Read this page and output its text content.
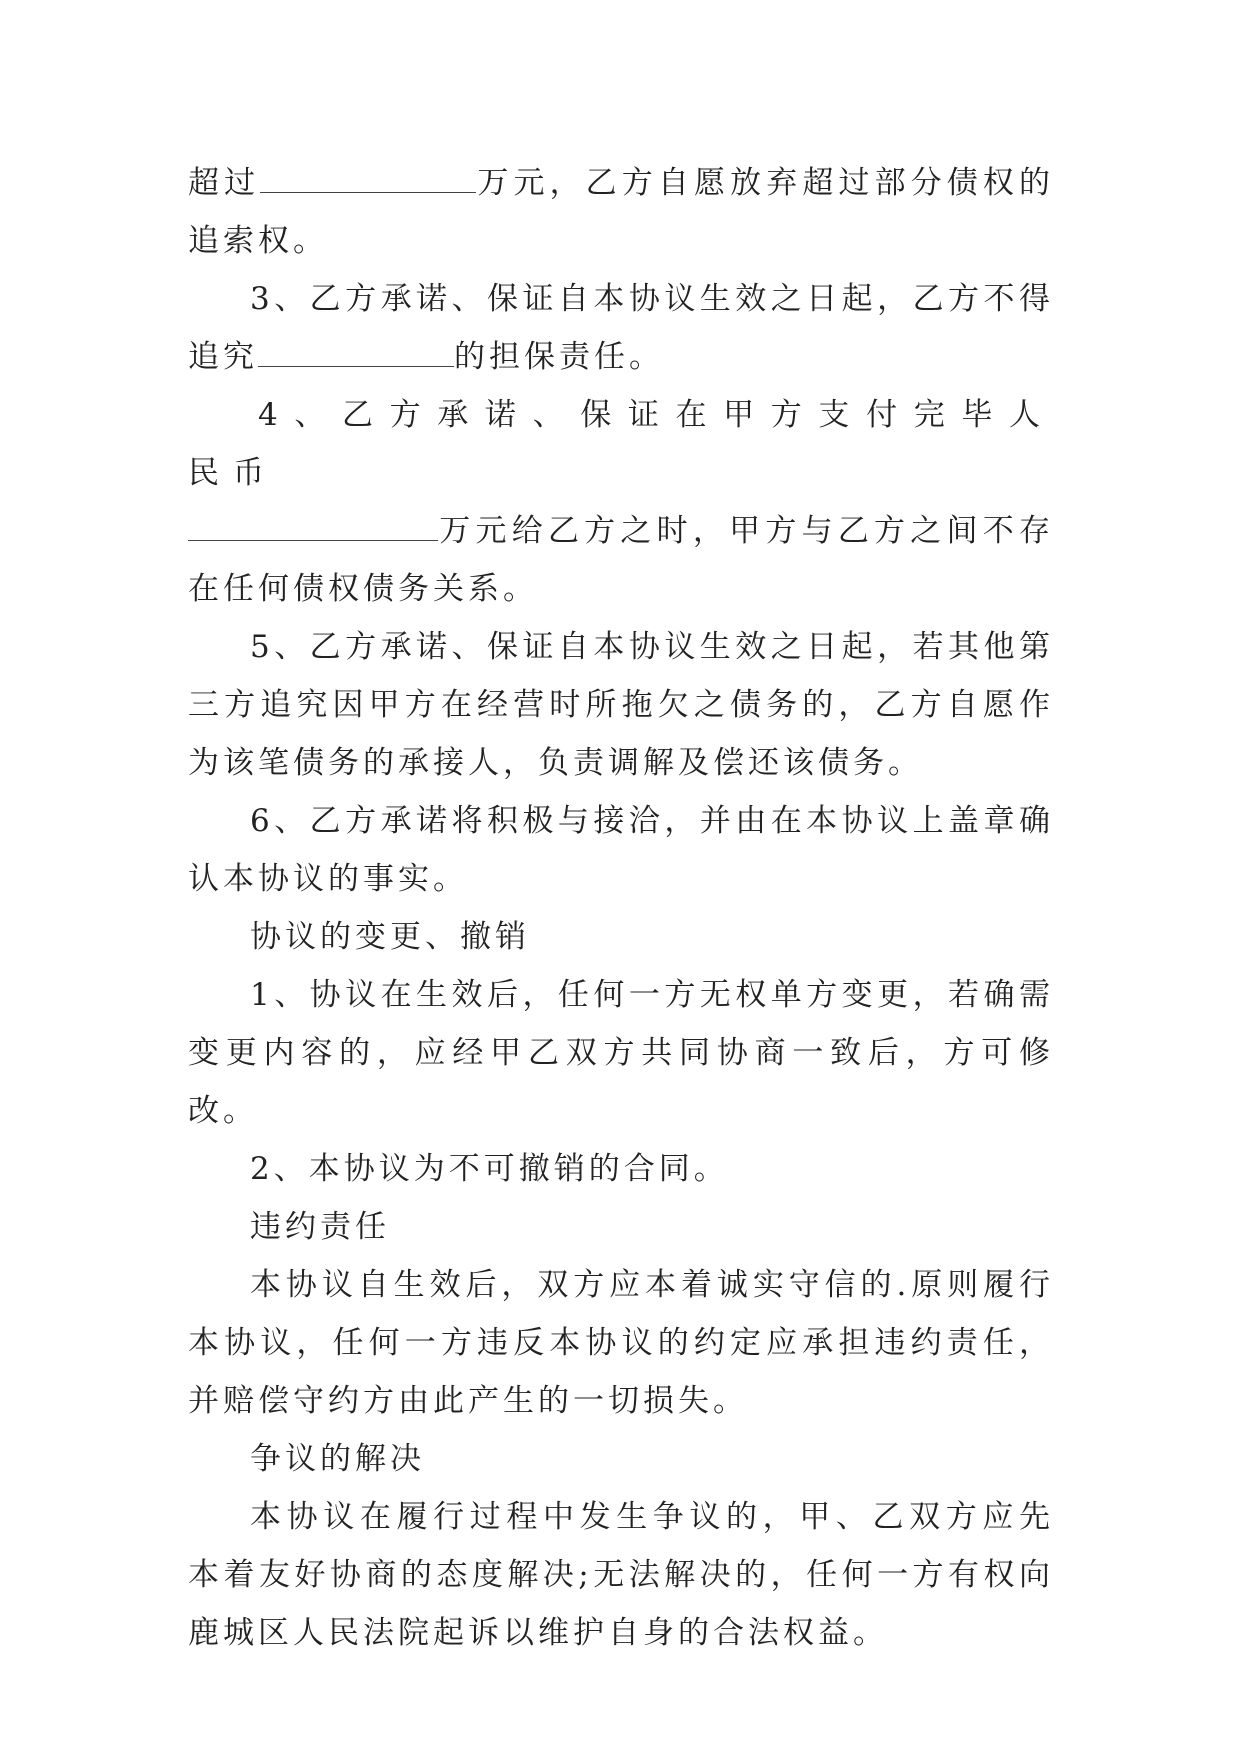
超过	万元，乙方自愿放弃超过部分债权的追索权。

3、乙方承诺、保证自本协议生效之日起，乙方不得追究	的担保责任。

4、乙方承诺、保证在甲方支付完毕人民币

万元给乙方之时，甲方与乙方之间不存在任何债权债务关系。

5、乙方承诺、保证自本协议生效之日起，若其他第三方追究因甲方在经营时所拖欠之债务的，乙方自愿作为该笔债务的承接人，负责调解及偿还该债务。

6、乙方承诺将积极与接洽，并由在本协议上盖章确认本协议的事实。

协议的变更、撤销

1、协议在生效后，任何一方无权单方变更，若确需变更内容的，应经甲乙双方共同协商一致后，方可修改。

2、本协议为不可撤销的合同。

违约责任

本协议自生效后，双方应本着诚实守信的.原则履行本协议，任何一方违反本协议的约定应承担违约责任，并赔偿守约方由此产生的一切损失。

争议的解决

本协议在履行过程中发生争议的，甲、乙双方应先本着友好协商的态度解决;无法解决的，任何一方有权向鹿城区人民法院起诉以维护自身的合法权益。
